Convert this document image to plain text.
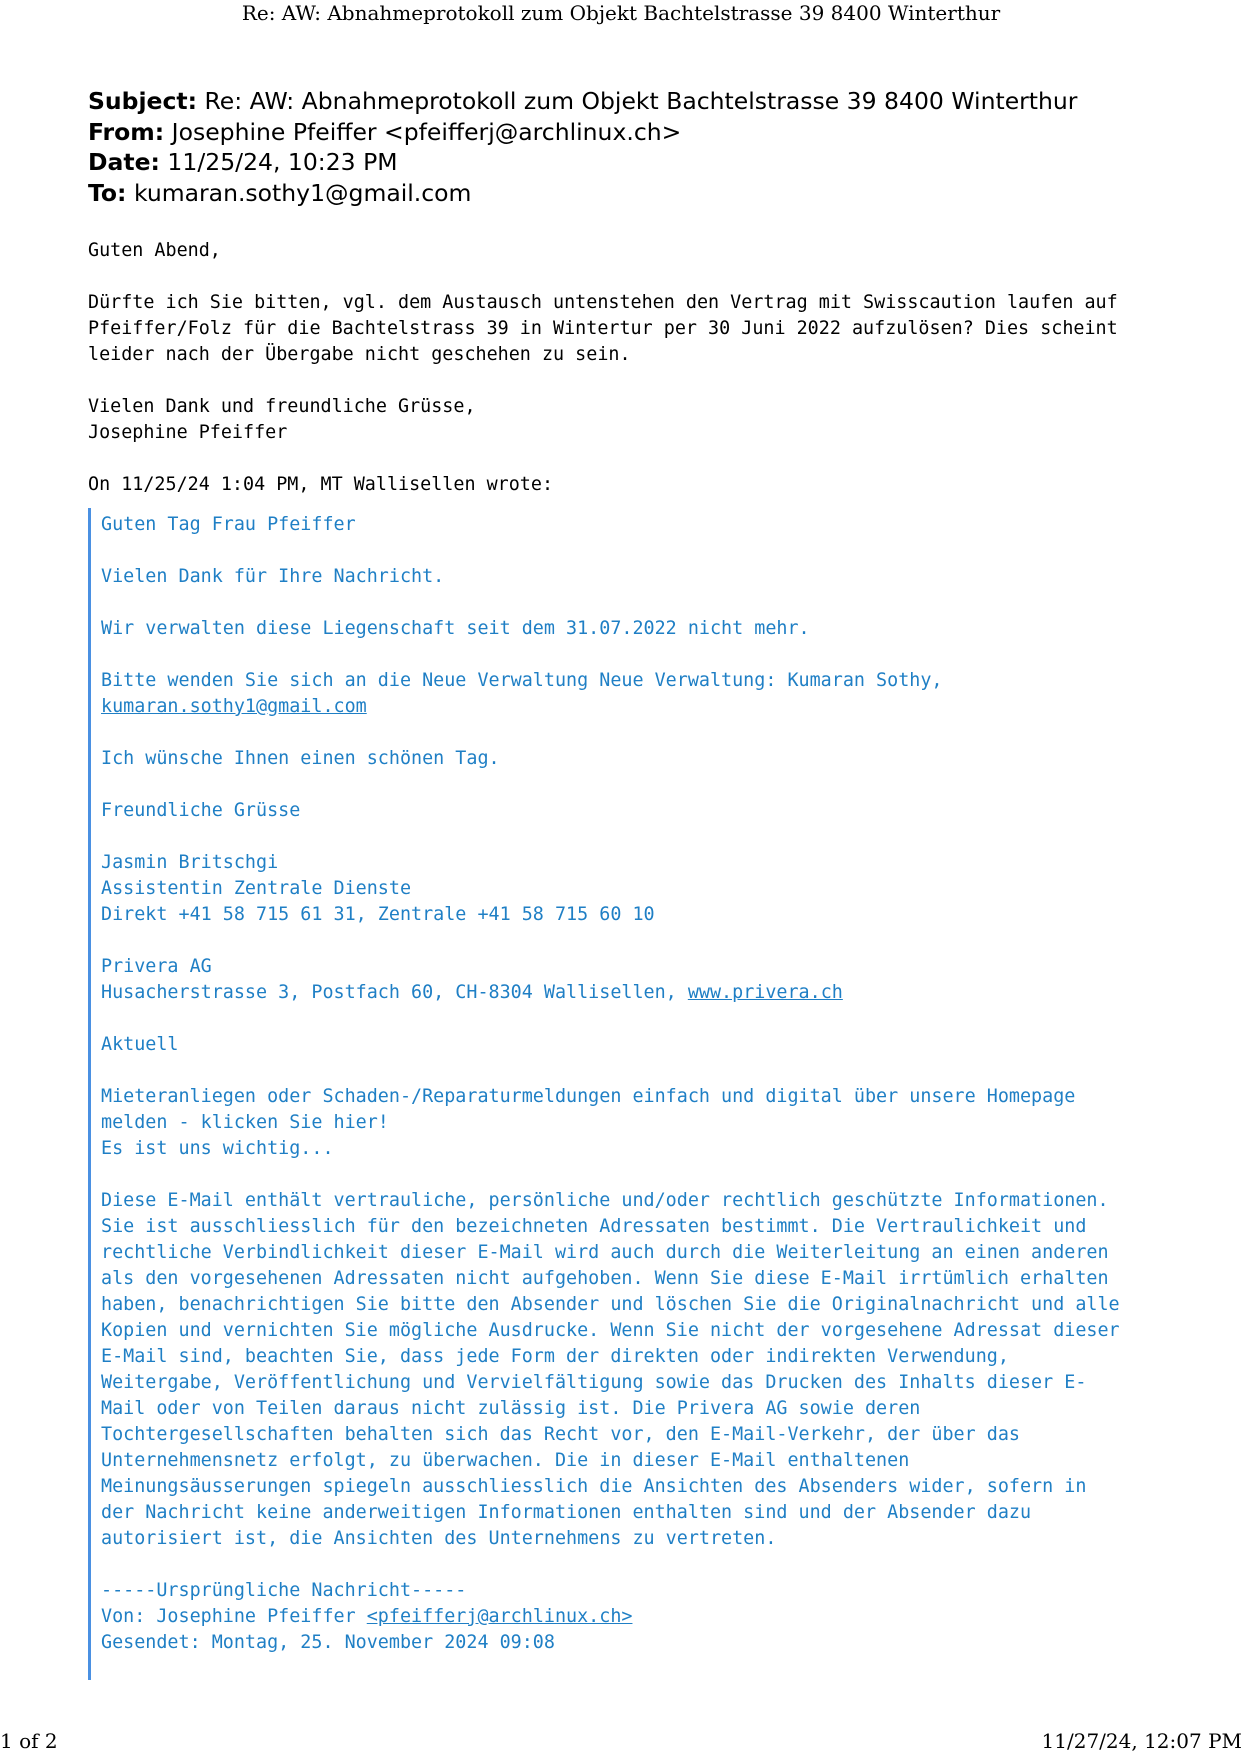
Re: AW: Abnahmeprotokoll zum Objekt Bachtelstrasse 39 8400 Winterthur
Subject: Re: AW: Abnahmeprotokoll zum Objekt Bachtelstrasse 39 8400 Winterthur
From: Josephine Pfeiffer <pfeifferj@archlinux.ch>
Date: 11/25/24, 10:23 PM
To: kumaran.sothy1@gmail.com

Guten Abend,

Dürfte ich Sie bitten, vgl. dem Austausch untenstehen den Vertrag mit Swisscaution laufen auf
Pfeiffer/Folz für die Bachtelstrass 39 in Wintertur per 30 Juni 2022 aufzulösen? Dies scheint
leider nach der Übergabe nicht geschehen zu sein.

Vielen Dank und freundliche Grüsse,
Josephine Pfeiffer

On 11/25/24 1:04 PM, MT Wallisellen wrote:

Guten Tag Frau Pfeiffer

Vielen Dank für Ihre Nachricht.

Wir verwalten diese Liegenschaft seit dem 31.07.2022 nicht mehr.

Bitte wenden Sie sich an die Neue Verwaltung Neue Verwaltung: Kumaran Sothy,

kumaran.sothy1@gmail.com

Ich wünsche Ihnen einen schönen Tag.

Freundliche Grüsse

Jasmin Britschgi

Assistentin Zentrale Dienste

Direkt +41 58 715 61 31, Zentrale +41 58 715 60 10

Privera AG

Husacherstrasse 3, Postfach 60, CH-8304 Wallisellen, www.privera.ch

Aktuell

Mieteranliegen oder Schaden-/Reparaturmeldungen einfach und digital über unsere Homepage

melden - klicken Sie hier!

Es ist uns wichtig...

Diese E-Mail enthält vertrauliche, persönliche und/oder rechtlich geschützte Informationen.

Sie ist ausschliesslich für den bezeichneten Adressaten bestimmt. Die Vertraulichkeit und

rechtliche Verbindlichkeit dieser E-Mail wird auch durch die Weiterleitung an einen anderen

als den vorgesehenen Adressaten nicht aufgehoben. Wenn Sie diese E-Mail irrtümlich erhalten

haben, benachrichtigen Sie bitte den Absender und löschen Sie die Originalnachricht und alle

Kopien und vernichten Sie mögliche Ausdrucke. Wenn Sie nicht der vorgesehene Adressat dieser

E-Mail sind, beachten Sie, dass jede Form der direkten oder indirekten Verwendung,

Weitergabe, Veröffentlichung und Vervielfältigung sowie das Drucken des Inhalts dieser E-

Mail oder von Teilen daraus nicht zulässig ist. Die Privera AG sowie deren

Tochtergesellschaften behalten sich das Recht vor, den E-Mail-Verkehr, der über das

Unternehmensnetz erfolgt, zu überwachen. Die in dieser E-Mail enthaltenen

Meinungsäusserungen spiegeln ausschliesslich die Ansichten des Absenders wider, sofern in

der Nachricht keine anderweitigen Informationen enthalten sind und der Absender dazu

autorisiert ist, die Ansichten des Unternehmens zu vertreten.

-----Ursprüngliche Nachricht-----

Von: Josephine Pfeiffer <pfeifferj@archlinux.ch>

Gesendet: Montag, 25. November 2024 09:08

1 of 2	11/27/24, 12:07 PM
